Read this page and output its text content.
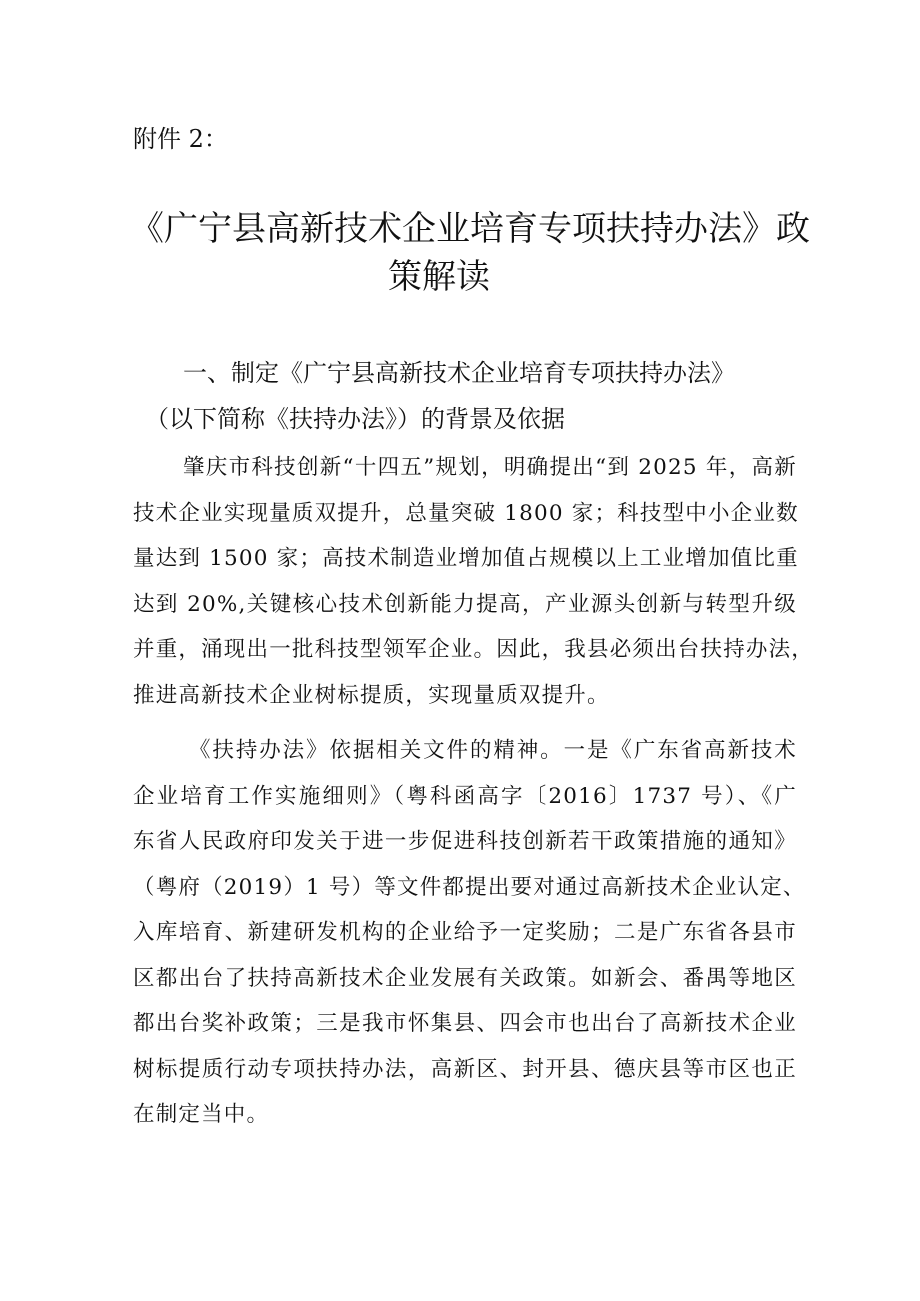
附件 2：
《广宁县高新技术企业培育专项扶持办法》政
策解读
一、制定《广宁县高新技术企业培育专项扶持办法》
（以下简称《扶持办法》）的背景及依据
肇庆市科技创新“十四五”规划，明确提出“到 2025 年，高新
技术企业实现量质双提升，总量突破 1800 家；科技型中小企业数
量达到 1500 家；高技术制造业增加值占规模以上工业增加值比重
达到 20%,关键核心技术创新能力提高，产业源头创新与转型升级
并重，涌现出一批科技型领军企业。因此，我县必须出台扶持办法，
推进高新技术企业树标提质，实现量质双提升。
《扶持办法》依据相关文件的精神。一是《广东省高新技术
企业培育工作实施细则》（粤科函高字〔2016〕1737 号）、《广
东省人民政府印发关于进一步促进科技创新若干政策措施的通知》
（粤府（2019）1 号）等文件都提出要对通过高新技术企业认定、
入库培育、新建研发机构的企业给予一定奖励；二是广东省各县市
区都出台了扶持高新技术企业发展有关政策。如新会、番禺等地区
都出台奖补政策；三是我市怀集县、四会市也出台了高新技术企业
树标提质行动专项扶持办法，高新区、封开县、德庆县等市区也正
在制定当中。
